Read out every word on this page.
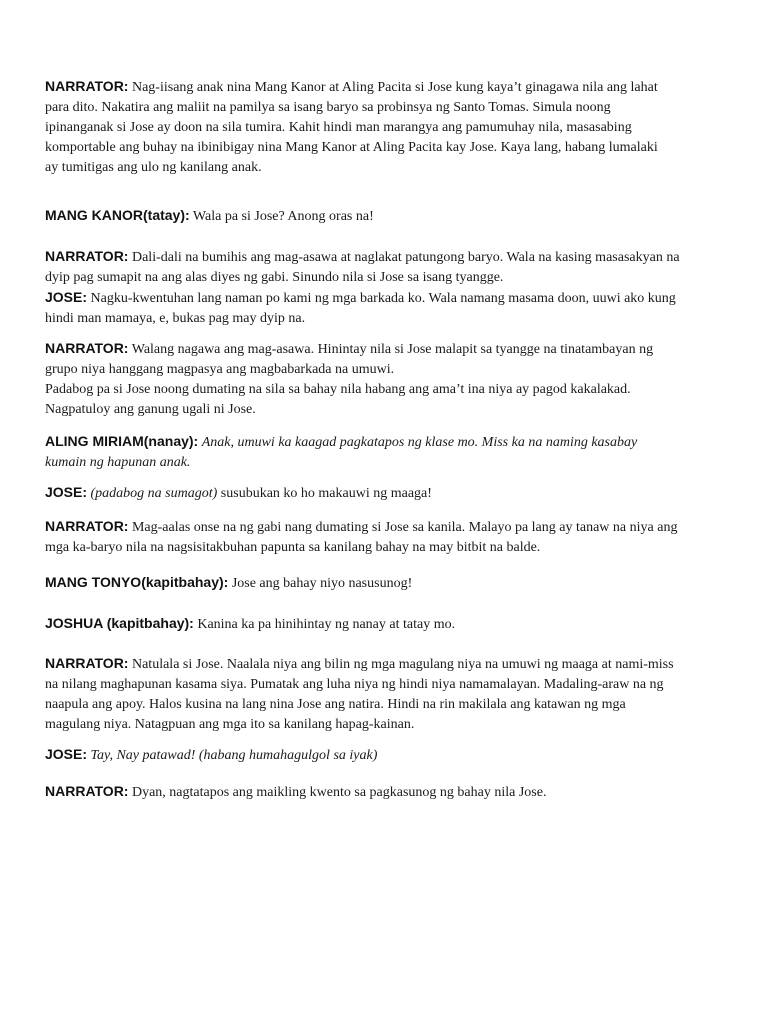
NARRATOR: Nag-iisang anak nina Mang Kanor at Aling Pacita si Jose kung kaya’t ginagawa nila ang lahat
para dito. Nakatira ang maliit na pamilya sa isang baryo sa probinsya ng Santo Tomas. Simula noong
ipinanganak si Jose ay doon na sila tumira. Kahit hindi man marangya ang pamumuhay nila, masasabing
komportable ang buhay na ibinibigay nina Mang Kanor at Aling Pacita kay Jose. Kaya lang, habang lumalaki
ay tumitigas ang ulo ng kanilang anak.
MANG KANOR(tatay): Wala pa si Jose? Anong oras na!
NARRATOR: Dali-dali na bumihis ang mag-asawa at naglakat patungong baryo. Wala na kasing masasakyan na
dyip pag sumapit na ang alas diyes ng gabi. Sinundo nila si Jose sa isang tyangge.
JOSE: Nagku-kwentuhan lang naman po kami ng mga barkada ko. Wala namang masama doon, uuwi ako kung
hindi man mamaya, e, bukas pag may dyip na.
NARRATOR: Walang nagawa ang mag-asawa. Hinintay nila si Jose malapit sa tyangge na tinatambayan ng
grupo niya hanggang magpasya ang magbabarkada na umuwi.
Padabog pa si Jose noong dumating na sila sa bahay nila habang ang ama’t ina niya ay pagod kakalakad.
Nagpatuloy ang ganung ugali ni Jose.
ALING MIRIAM(nanay): Anak, umuwi ka kaagad pagkatapos ng klase mo. Miss ka na naming kasabay
kumain ng hapunan anak.
JOSE: (padabog na sumagot) susubukan ko ho makauwi ng maaga!
NARRATOR: Mag-aalas onse na ng gabi nang dumating si Jose sa kanila. Malayo pa lang ay tanaw na niya ang
mga ka-baryo nila na nagsisitakbuhan papunta sa kanilang bahay na may bitbit na balde.
MANG TONYO(kapitbahay): Jose ang bahay niyo nasusunog!
JOSHUA (kapitbahay): Kanina ka pa hinihintay ng nanay at tatay mo.
NARRATOR: Natulala si Jose. Naalala niya ang bilin ng mga magulang niya na umuwi ng maaga at nami-miss
na nilang maghapunan kasama siya. Pumatak ang luha niya ng hindi niya namamalayan. Madaling-araw na ng
naapula ang apoy. Halos kusina na lang nina Jose ang natira. Hindi na rin makilala ang katawan ng mga
magulang niya. Natagpuan ang mga ito sa kanilang hapag-kainan.
JOSE: Tay, Nay patawad! (habang humahagulgol sa iyak)
NARRATOR: Dyan, nagtatapos ang maikling kwento sa pagkasunog ng bahay nila Jose.
